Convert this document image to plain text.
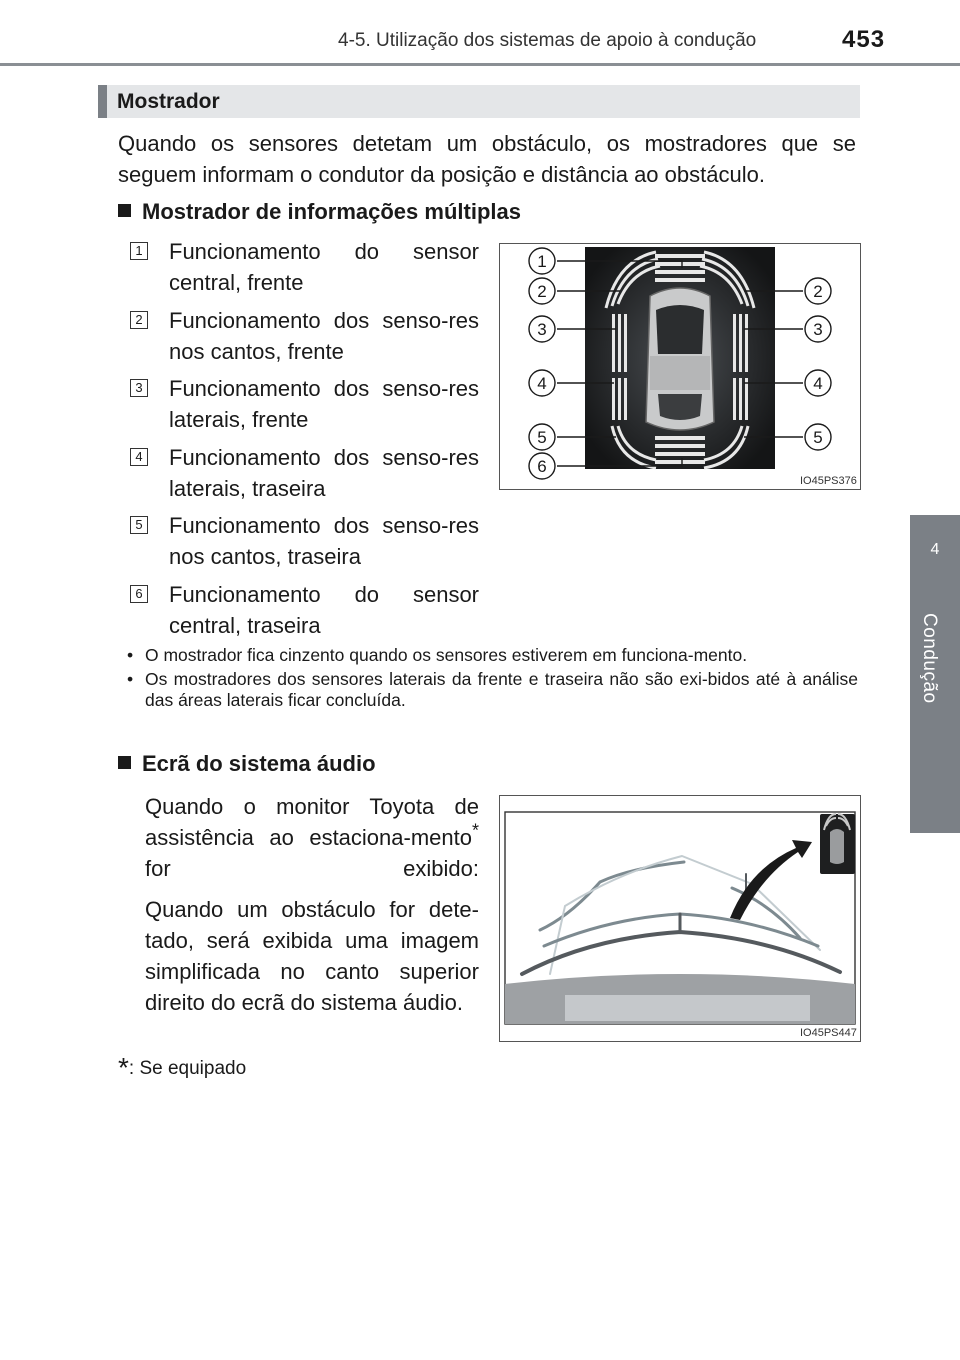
4-5. Utilização dos sistemas de apoio à condução	453
4
Condução
Mostrador
Quando os sensores detetam um obstáculo, os mostradores que se seguem informam o condutor da posição e distância ao obstáculo.
Mostrador de informações múltiplas
1 Funcionamento do sensor central, frente
2 Funcionamento dos senso-res nos cantos, frente
3 Funcionamento dos senso-res laterais, frente
4 Funcionamento dos senso-res laterais, traseira
5 Funcionamento dos senso-res nos cantos, traseira
6 Funcionamento do sensor central, traseira
1
2
3
4
5
6
2
3
4
5
IO45PS376
• O mostrador fica cinzento quando os sensores estiverem em funciona-mento.
• Os mostradores dos sensores laterais da frente e traseira não são exi-bidos até à análise das áreas laterais ficar concluída.
Ecrã do sistema áudio

Quando o monitor Toyota de assistência ao estaciona-mento* for exibido:

Quando um obstáculo for dete-tado, será exibida uma imagem simplificada no canto superior direito do ecrã do sistema áudio.

IO45PS447
*: Se equipado
